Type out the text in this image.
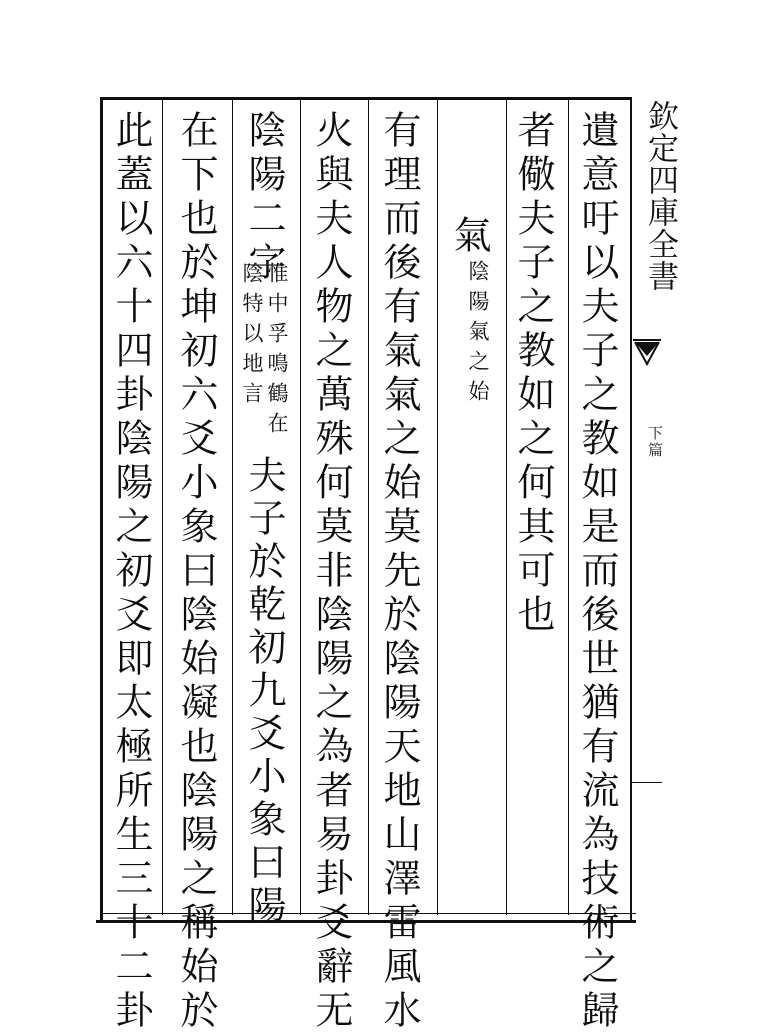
欽定四庫全書
下篇
遺意吁以夫子之教如是而後世猶有流為技術之歸
者儆夫子之教如之何其可也
氣
陰陽氣之始
有理而後有氣氣之始莫先於陰陽天地山澤雷風水
火與夫人物之萬殊何莫非陰陽之為者易卦爻辭无
陰陽二字
惟中孚鳴鶴在
陰特以地言
夫子於乾初九爻小象曰陽
在下也於坤初六爻小象曰陰始凝也陰陽之稱始於
此蓋以六十四卦陰陽之初爻即太極所生三十二卦
